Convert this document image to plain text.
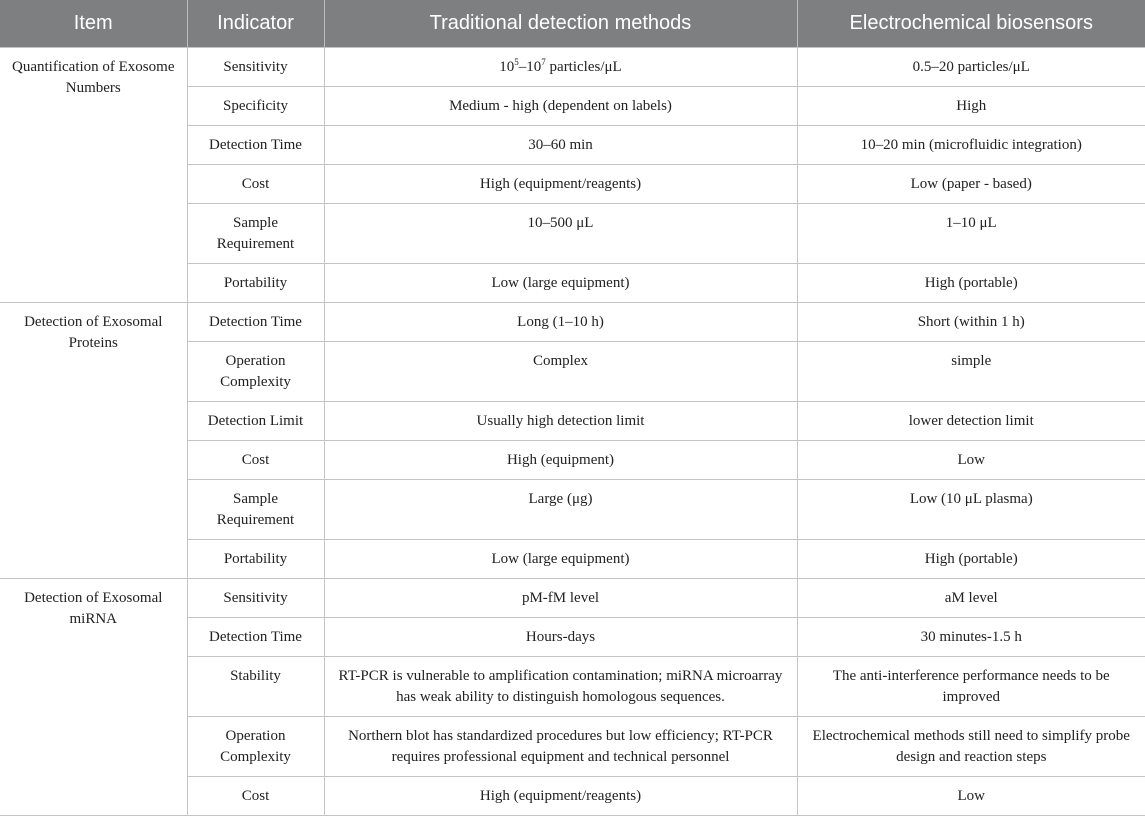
Item	Indicator	Traditional detection methods	Electrochemical biosensors
Quantification of Exosome Numbers	Sensitivity	$10^5-10^7$ particles/μL	0.5–20 particles/μL
	Specificity	Medium - high (dependent on labels)	High
	Detection Time	30–60 min	10–20 min (microfluidic integration)
	Cost	High (equipment/reagents)	Low (paper - based)
	Sample Requirement	10–500 μL	1–10 μL
	Portability	Low (large equipment)	High (portable)
Detection of Exosomal Proteins	Detection Time	Long (1–10 h)	Short (within 1 h)
	Operation Complexity	Complex	simple
	Detection Limit	Usually high detection limit	lower detection limit
	Cost	High (equipment)	Low
	Sample Requirement	Large (μg)	Low (10 μL plasma)
	Portability	Low (large equipment)	High (portable)
Detection of Exosomal miRNA	Sensitivity	pM-fM level	aM level
	Detection Time	Hours-days	30 minutes-1.5 h
	Stability	RT-PCR is vulnerable to amplification contamination; miRNA microarray has weak ability to distinguish homologous sequences.	The anti-interference performance needs to be improved
	Operation Complexity	Northern blot has standardized procedures but low efficiency; RT-PCR requires professional equipment and technical personnel	Electrochemical methods still need to simplify probe design and reaction steps
	Cost	High (equipment/reagents)	Low
